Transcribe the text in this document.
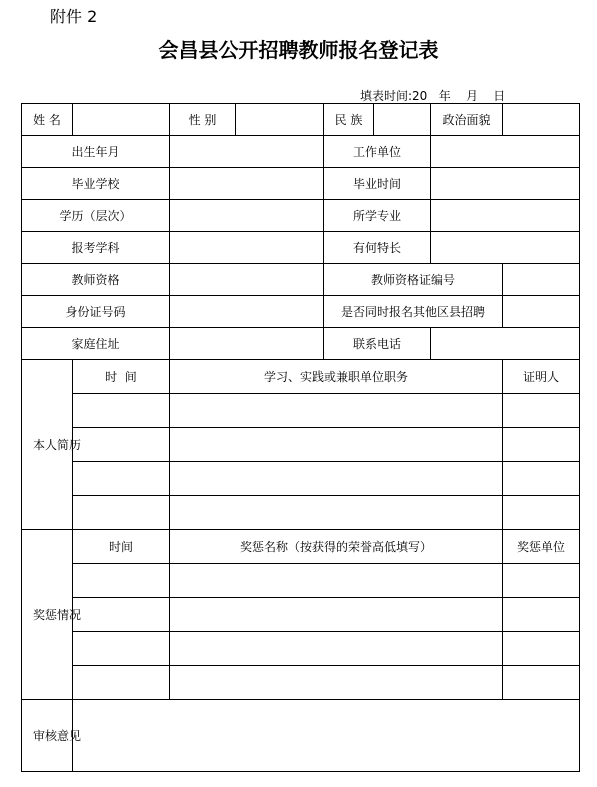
附件 2
会昌县公开招聘教师报名登记表
填表时间:20   年    月    日
姓 名		性 别		民 族		政治面貌	
出生年月				工作单位			
毕业学校				毕业时间			
学历（层次）				所学专业			
报考学科				有何特长			
教师资格				教师资格证编号			
身份证号码				是否同时报名其他区县招聘			
家庭住址				联系电话			

本人简历	时  间	学习、实践或兼职单位职务					证明人

奖惩情况	时间	奖惩名称（按获得的荣誉高低填写）					奖惩单位

审核意见							
